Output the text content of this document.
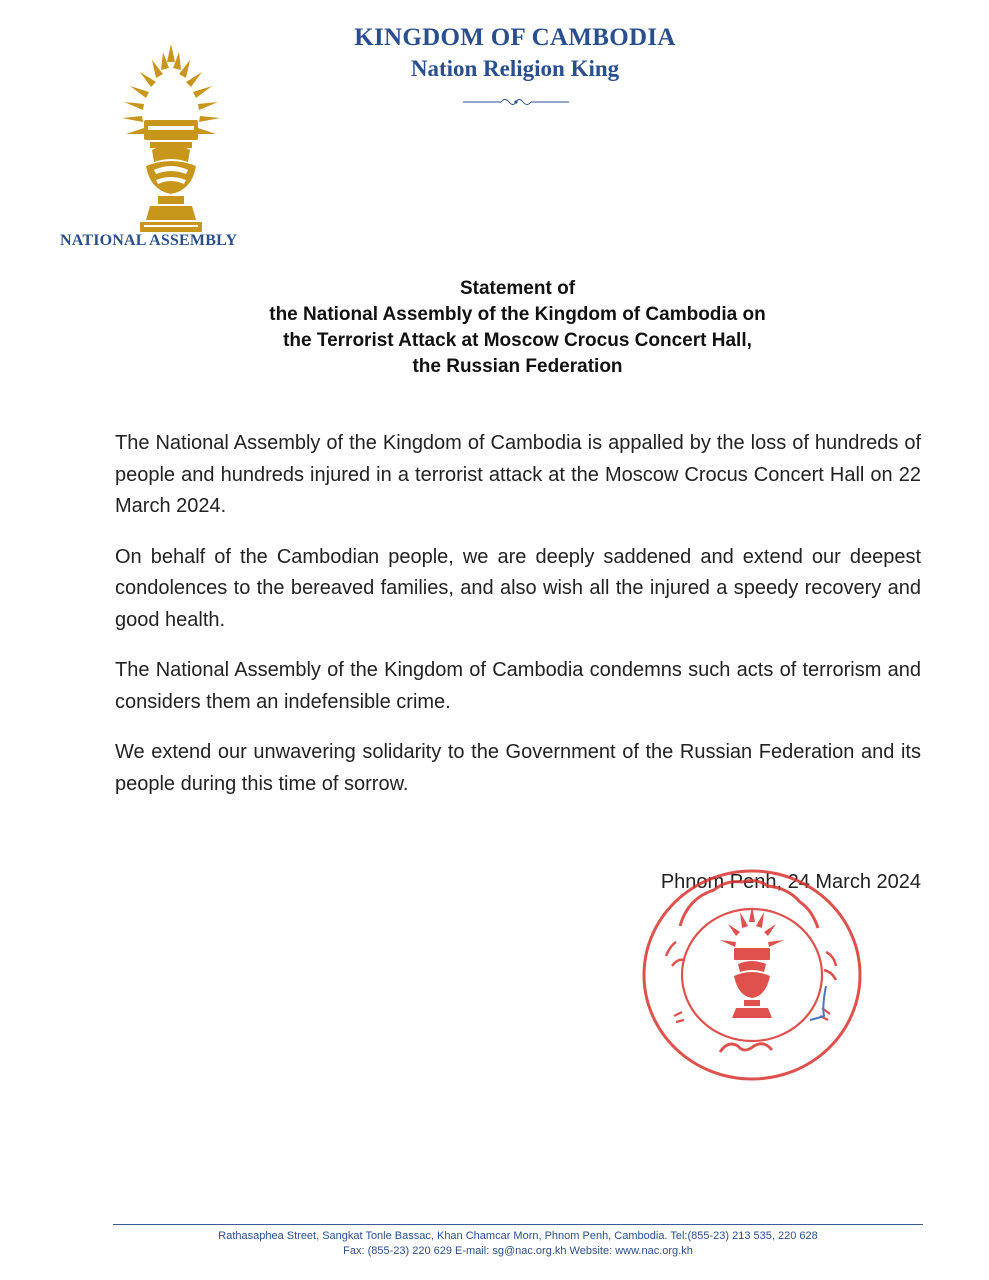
KINGDOM OF CAMBODIA
Nation Religion King
NATIONAL ASSEMBLY
Statement of
the National Assembly of the Kingdom of Cambodia on
the Terrorist Attack at Moscow Crocus Concert Hall,
the Russian Federation

The National Assembly of the Kingdom of Cambodia is appalled by the loss of hundreds of people and hundreds injured in a terrorist attack at the Moscow Crocus Concert Hall on 22 March 2024.

On behalf of the Cambodian people, we are deeply saddened and extend our deepest condolences to the bereaved families, and also wish all the injured a speedy recovery and good health.

The National Assembly of the Kingdom of Cambodia condemns such acts of terrorism and considers them an indefensible crime.

We extend our unwavering solidarity to the Government of the Russian Federation and its people during this time of sorrow.

Phnom Penh, 24 March 2024
Rathasaphea Street, Sangkat Tonle Bassac, Khan Chamcar Morn, Phnom Penh, Cambodia. Tel:(855-23) 213 535, 220 628
Fax: (855-23) 220 629 E-mail: sg@nac.org.kh Website: www.nac.org.kh
